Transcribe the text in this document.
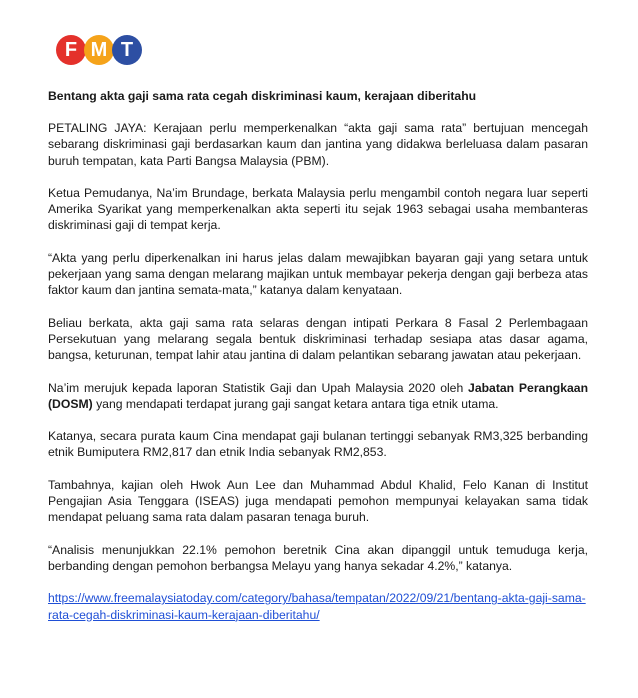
F M T
Bentang akta gaji sama rata cegah diskriminasi kaum, kerajaan diberitahu
PETALING JAYA: Kerajaan perlu memperkenalkan “akta gaji sama rata” bertujuan mencegah sebarang diskriminasi gaji berdasarkan kaum dan jantina yang didakwa berleluasa dalam pasaran buruh tempatan, kata Parti Bangsa Malaysia (PBM).
Ketua Pemudanya, Na’im Brundage, berkata Malaysia perlu mengambil contoh negara luar seperti Amerika Syarikat yang memperkenalkan akta seperti itu sejak 1963 sebagai usaha membanteras diskriminasi gaji di tempat kerja.
“Akta yang perlu diperkenalkan ini harus jelas dalam mewajibkan bayaran gaji yang setara untuk pekerjaan yang sama dengan melarang majikan untuk membayar pekerja dengan gaji berbeza atas faktor kaum dan jantina semata-mata,” katanya dalam kenyataan.
Beliau berkata, akta gaji sama rata selaras dengan intipati Perkara 8 Fasal 2 Perlembagaan Persekutuan yang melarang segala bentuk diskriminasi terhadap sesiapa atas dasar agama, bangsa, keturunan, tempat lahir atau jantina di dalam pelantikan sebarang jawatan atau pekerjaan.
Na’im merujuk kepada laporan Statistik Gaji dan Upah Malaysia 2020 oleh Jabatan Perangkaan (DOSM) yang mendapati terdapat jurang gaji sangat ketara antara tiga etnik utama.
Katanya, secara purata kaum Cina mendapat gaji bulanan tertinggi sebanyak RM3,325 berbanding etnik Bumiputera RM2,817 dan etnik India sebanyak RM2,853.
Tambahnya, kajian oleh Hwok Aun Lee dan Muhammad Abdul Khalid, Felo Kanan di Institut Pengajian Asia Tenggara (ISEAS) juga mendapati pemohon mempunyai kelayakan sama tidak mendapat peluang sama rata dalam pasaran tenaga buruh.
“Analisis menunjukkan 22.1% pemohon beretnik Cina akan dipanggil untuk temuduga kerja, berbanding dengan pemohon berbangsa Melayu yang hanya sekadar 4.2%,” katanya.
https://www.freemalaysiatoday.com/category/bahasa/tempatan/2022/09/21/bentang-akta-gaji-sama-rata-cegah-diskriminasi-kaum-kerajaan-diberitahu/
